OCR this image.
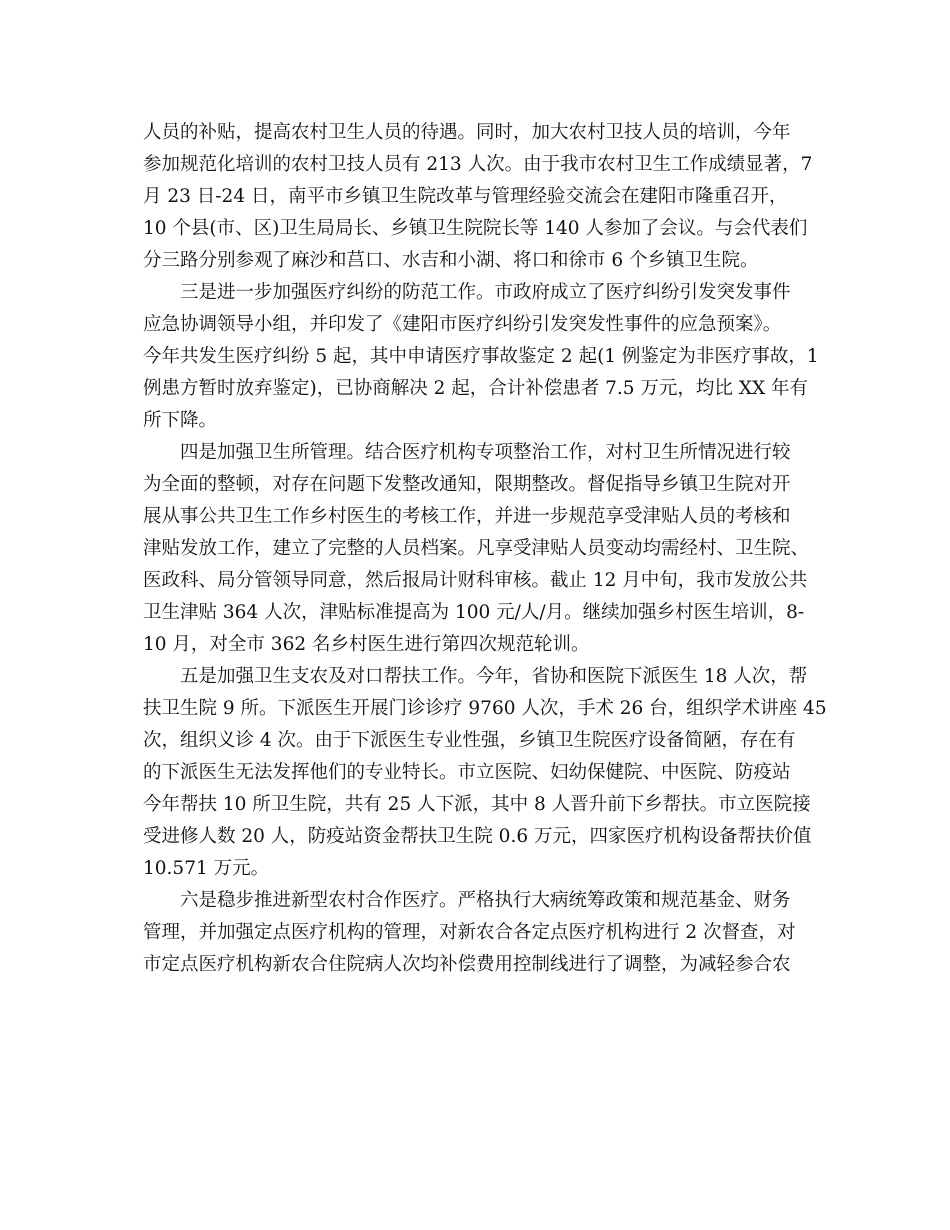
人员的补贴，提高农村卫生人员的待遇。同时，加大农村卫技人员的培训，今年
参加规范化培训的农村卫技人员有 213 人次。由于我市农村卫生工作成绩显著，7
月 23 日-24 日，南平市乡镇卫生院改革与管理经验交流会在建阳市隆重召开，
10 个县(市、区)卫生局局长、乡镇卫生院院长等 140 人参加了会议。与会代表们
分三路分别参观了麻沙和莒口、水吉和小湖、将口和徐市 6 个乡镇卫生院。
三是进一步加强医疗纠纷的防范工作。市政府成立了医疗纠纷引发突发事件
应急协调领导小组，并印发了《建阳市医疗纠纷引发突发性事件的应急预案》。
今年共发生医疗纠纷 5 起，其中申请医疗事故鉴定 2 起(1 例鉴定为非医疗事故，1
例患方暂时放弃鉴定)，已协商解决 2 起，合计补偿患者 7.5 万元，均比 XX 年有
所下降。
四是加强卫生所管理。结合医疗机构专项整治工作，对村卫生所情况进行较
为全面的整顿，对存在问题下发整改通知，限期整改。督促指导乡镇卫生院对开
展从事公共卫生工作乡村医生的考核工作，并进一步规范享受津贴人员的考核和
津贴发放工作，建立了完整的人员档案。凡享受津贴人员变动均需经村、卫生院、
医政科、局分管领导同意，然后报局计财科审核。截止 12 月中旬，我市发放公共
卫生津贴 364 人次，津贴标准提高为 100 元/人/月。继续加强乡村医生培训，8-
10 月，对全市 362 名乡村医生进行第四次规范轮训。
五是加强卫生支农及对口帮扶工作。今年，省协和医院下派医生 18 人次，帮
扶卫生院 9 所。下派医生开展门诊诊疗 9760 人次，手术 26 台，组织学术讲座 45
次，组织义诊 4 次。由于下派医生专业性强，乡镇卫生院医疗设备简陋，存在有
的下派医生无法发挥他们的专业特长。市立医院、妇幼保健院、中医院、防疫站
今年帮扶 10 所卫生院，共有 25 人下派，其中 8 人晋升前下乡帮扶。市立医院接
受进修人数 20 人，防疫站资金帮扶卫生院 0.6 万元，四家医疗机构设备帮扶价值
10.571 万元。
六是稳步推进新型农村合作医疗。严格执行大病统筹政策和规范基金、财务
管理，并加强定点医疗机构的管理，对新农合各定点医疗机构进行 2 次督查，对
市定点医疗机构新农合住院病人次均补偿费用控制线进行了调整，为减轻参合农
